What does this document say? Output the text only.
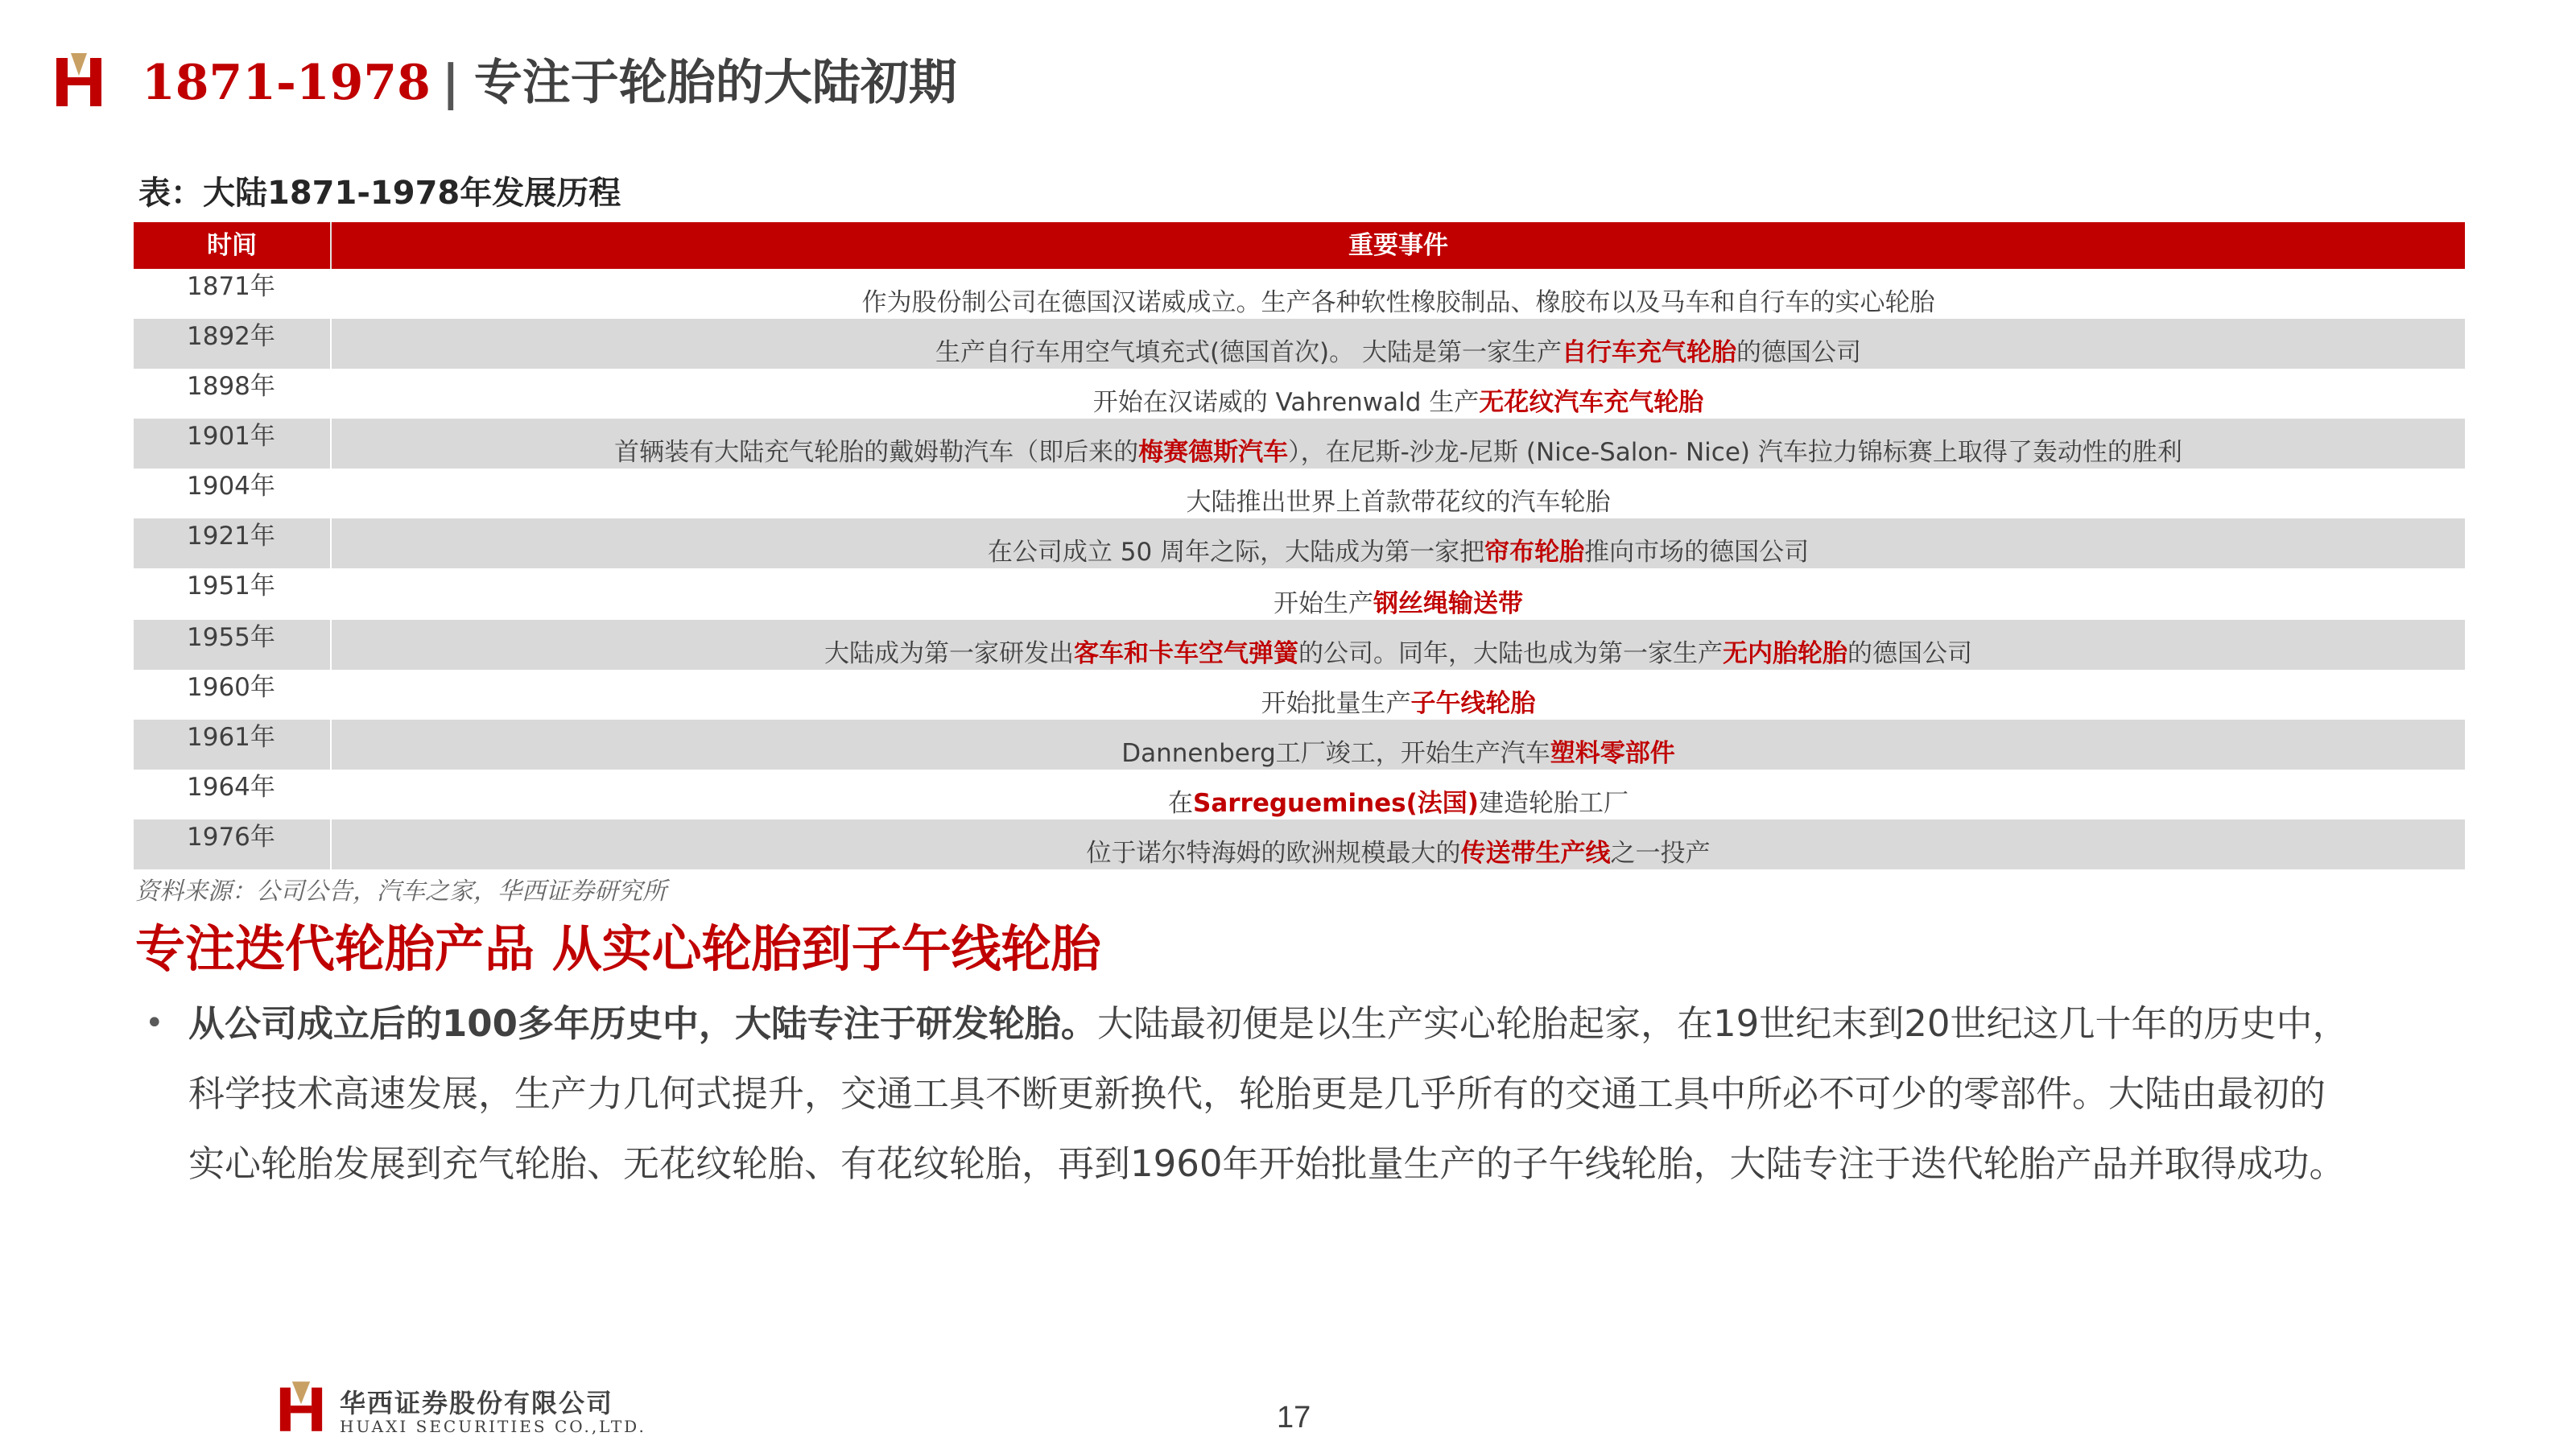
1871-1978 | 专注于轮胎的大陆初期
表：大陆1871-1978年发展历程
时间	重要事件
1871年
作为股份制公司在德国汉诺威成立。生产各种软性橡胶制品、橡胶布以及马车和自行车的实心轮胎
1892年
生产自行车用空气填充式(德国首次)。 大陆是第一家生产自行车充气轮胎的德国公司
1898年
开始在汉诺威的 Vahrenwald 生产无花纹汽车充气轮胎
1901年
首辆装有大陆充气轮胎的戴姆勒汽车（即后来的梅赛德斯汽车），在尼斯-沙龙-尼斯 (Nice-Salon- Nice) 汽车拉力锦标赛上取得了轰动性的胜利
1904年
大陆推出世界上首款带花纹的汽车轮胎
1921年
在公司成立 50 周年之际，大陆成为第一家把帘布轮胎推向市场的德国公司
1951年
开始生产钢丝绳输送带
1955年
大陆成为第一家研发出客车和卡车空气弹簧的公司。同年，大陆也成为第一家生产无内胎轮胎的德国公司
1960年
开始批量生产子午线轮胎
1961年
Dannenberg工厂竣工，开始生产汽车塑料零部件
1964年
在Sarreguemines(法国)建造轮胎工厂
1976年
位于诺尔特海姆的欧洲规模最大的传送带生产线之一投产
资料来源：公司公告，汽车之家，华西证券研究所
专注迭代轮胎产品 从实心轮胎到子午线轮胎
• 从公司成立后的100多年历史中，大陆专注于研发轮胎。大陆最初便是以生产实心轮胎起家，在19世纪末到20世纪这几十年的历史中，
科学技术高速发展，生产力几何式提升，交通工具不断更新换代，轮胎更是几乎所有的交通工具中所必不可少的零部件。大陆由最初的
实心轮胎发展到充气轮胎、无花纹轮胎、有花纹轮胎，再到1960年开始批量生产的子午线轮胎，大陆专注于迭代轮胎产品并取得成功。
华西证券股份有限公司
HUAXI SECURITIES CO.,LTD.	17
